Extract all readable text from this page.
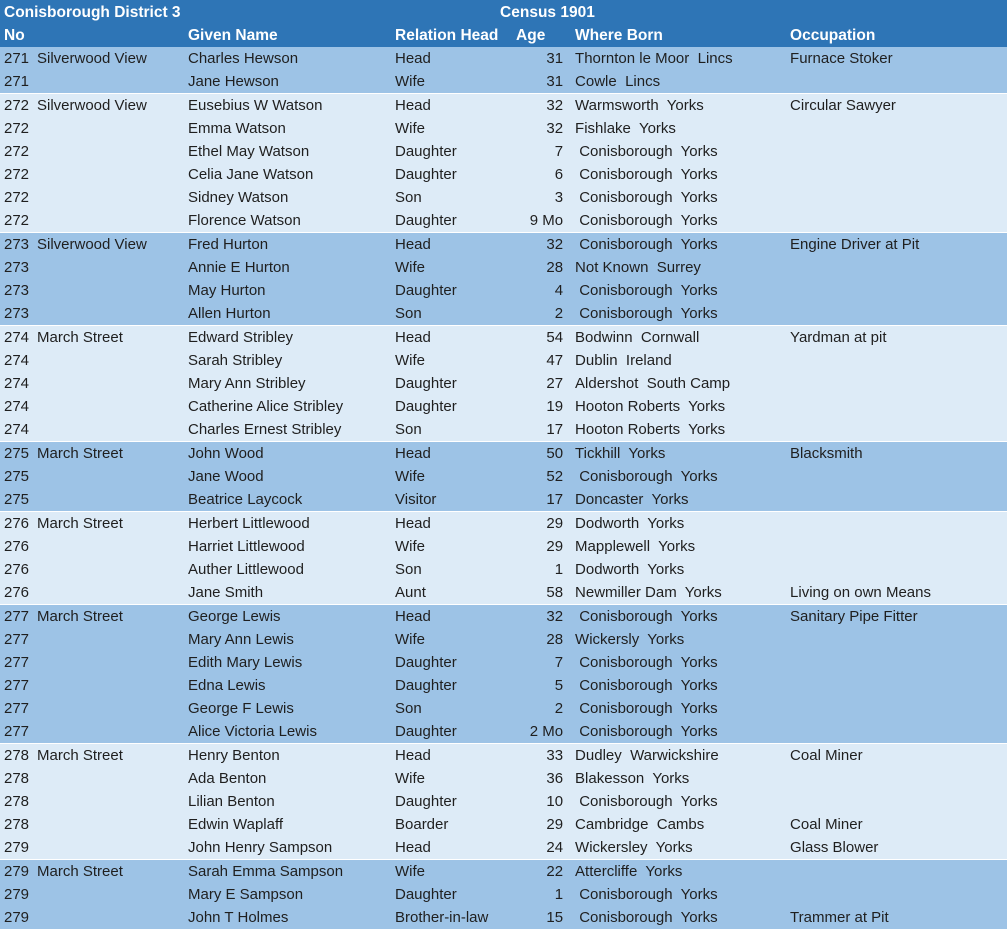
Conisborough District 3				Census 1901		
No		Given Name	Relation Head	Age	Where Born	Occupation
271	Silverwood View	Charles Hewson	Head	31	Thornton le Moor  Lincs	Furnace Stoker
271		Jane Hewson	Wife	31	Cowle  Lincs	
272	Silverwood View	Eusebius W Watson	Head	32	Warmsworth  Yorks	Circular Sawyer
272		Emma Watson	Wife	32	Fishlake  Yorks	
272		Ethel May Watson	Daughter	7	Conisborough  Yorks	
272		Celia Jane Watson	Daughter	6	Conisborough  Yorks	
272		Sidney Watson	Son	3	Conisborough  Yorks	
272		Florence Watson	Daughter	9 Mo	Conisborough  Yorks	
273	Silverwood View	Fred Hurton	Head	32	Conisborough  Yorks	Engine Driver at Pit
273		Annie E Hurton	Wife	28	Not Known  Surrey	
273		May Hurton	Daughter	4	Conisborough  Yorks	
273		Allen Hurton	Son	2	Conisborough  Yorks	
274	March Street	Edward Stribley	Head	54	Bodwinn  Cornwall	Yardman at pit
274		Sarah Stribley	Wife	47	Dublin  Ireland	
274		Mary Ann Stribley	Daughter	27	Aldershot  South Camp	
274		Catherine Alice Stribley	Daughter	19	Hooton Roberts  Yorks	
274		Charles Ernest Stribley	Son	17	Hooton Roberts  Yorks	
275	March Street	John Wood	Head	50	Tickhill  Yorks	Blacksmith
275		Jane Wood	Wife	52	Conisborough  Yorks	
275		Beatrice Laycock	Visitor	17	Doncaster  Yorks	
276	March Street	Herbert Littlewood	Head	29	Dodworth  Yorks	
276		Harriet Littlewood	Wife	29	Mapplewell  Yorks	
276		Auther Littlewood	Son	1	Dodworth  Yorks	
276		Jane Smith	Aunt	58	Newmiller Dam  Yorks	Living on own Means
277	March Street	George Lewis	Head	32	Conisborough  Yorks	Sanitary Pipe Fitter
277		Mary Ann Lewis	Wife	28	Wickersly  Yorks	
277		Edith Mary Lewis	Daughter	7	Conisborough  Yorks	
277		Edna Lewis	Daughter	5	Conisborough  Yorks	
277		George F Lewis	Son	2	Conisborough  Yorks	
277		Alice Victoria Lewis	Daughter	2 Mo	Conisborough  Yorks	
278	March Street	Henry Benton	Head	33	Dudley  Warwickshire	Coal Miner
278		Ada Benton	Wife	36	Blakesson  Yorks	
278		Lilian Benton	Daughter	10	Conisborough  Yorks	
278		Edwin Waplaff	Boarder	29	Cambridge  Cambs	Coal Miner
279		John Henry Sampson	Head	24	Wickersley  Yorks	Glass Blower
279	March Street	Sarah Emma Sampson	Wife	22	Attercliffe  Yorks	
279		Mary E Sampson	Daughter	1	Conisborough  Yorks	
279		John T Holmes	Brother-in-law	15	Conisborough  Yorks	Trammer at Pit
